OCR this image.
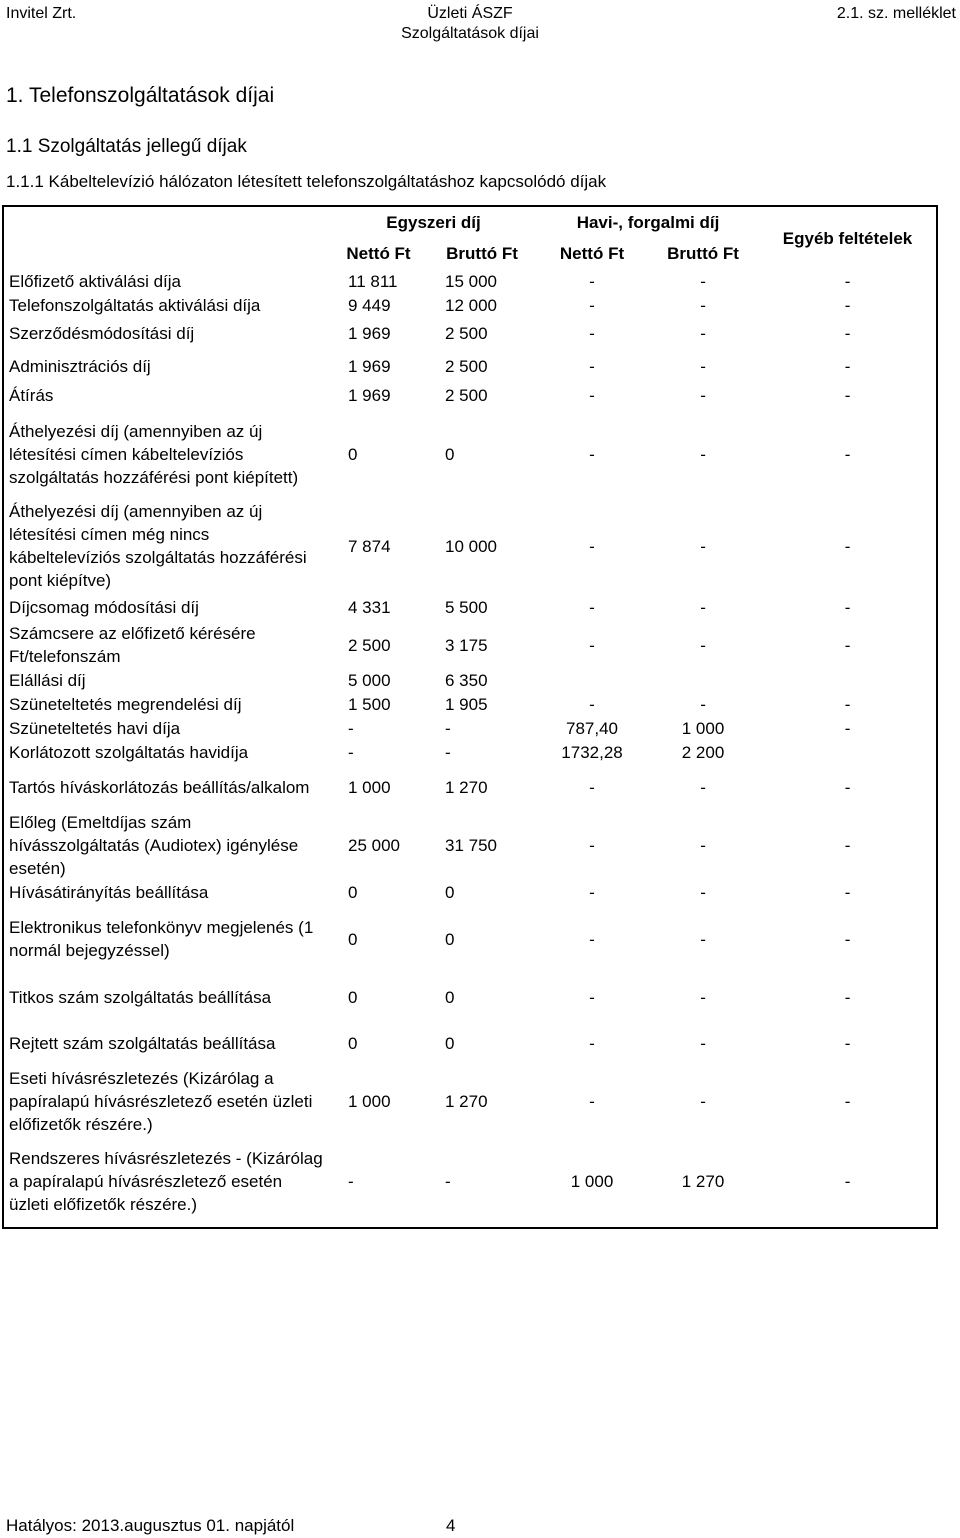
Invitel Zrt.	Üzleti ÁSZF
Szolgáltatások díjai
2.1. sz. melléklet
1. Telefonszolgáltatások díjai
1.1 Szolgáltatás jellegű díjak
1.1.1 Kábeltelevízió hálózaton létesített telefonszolgáltatáshoz kapcsolódó díjak
	Egyszeri díj		Havi-, forgalmi díj		Egyéb feltételek
	Nettó Ft	Bruttó Ft	Nettó Ft	Bruttó Ft	
Előfizető aktiválási díja	11 811	15 000	-	-	-
Telefonszolgáltatás aktiválási díja	9 449	12 000	-	-	-
Szerződésmódosítási díj	1 969	2 500	-	-	-
Adminisztrációs díj	1 969	2 500	-	-	-
Átírás	1 969	2 500	-	-	-
Áthelyezési díj (amennyiben az új létesítési címen kábeltelevíziós szolgáltatás hozzáférési pont kiépített)	0	0	-	-	-
Áthelyezési díj (amennyiben az új létesítési címen még nincs kábeltelevíziós szolgáltatás hozzáférési pont kiépítve)	7 874	10 000	-	-	-
Díjcsomag módosítási díj	4 331	5 500	-	-	-
Számcsere az előfizető kérésére Ft/telefonszám	2 500	3 175	-	-	-
Elállási díj	5 000	6 350			
Szüneteltetés megrendelési díj	1 500	1 905	-	-	-
Szüneteltetés havi díja	-	-	787,40	1 000	-
Korlátozott szolgáltatás havidíja	-	-	1732,28	2 200	
Tartós híváskorlátozás beállítás/alkalom	1 000	1 270	-	-	-
Előleg (Emeltdíjas szám hívásszolgáltatás (Audiotex) igénylése esetén)	25 000	31 750	-	-	-
Hívásátirányítás beállítása	0	0	-	-	-
Elektronikus telefonkönyv megjelenés (1 normál bejegyzéssel)	0	0	-	-	-
Titkos szám szolgáltatás beállítása	0	0	-	-	-
Rejtett szám szolgáltatás beállítása	0	0	-	-	-
Eseti hívásrészletezés (Kizárólag a papíralapú hívásrészletező esetén üzleti előfizetők részére.)	1 000	1 270	-	-	-
Rendszeres hívásrészletezés - (Kizárólag a papíralapú hívásrészletező esetén üzleti előfizetők részére.)	-	-	1 000	1 270	-
Hatályos: 2013.augusztus 01. napjától	4
